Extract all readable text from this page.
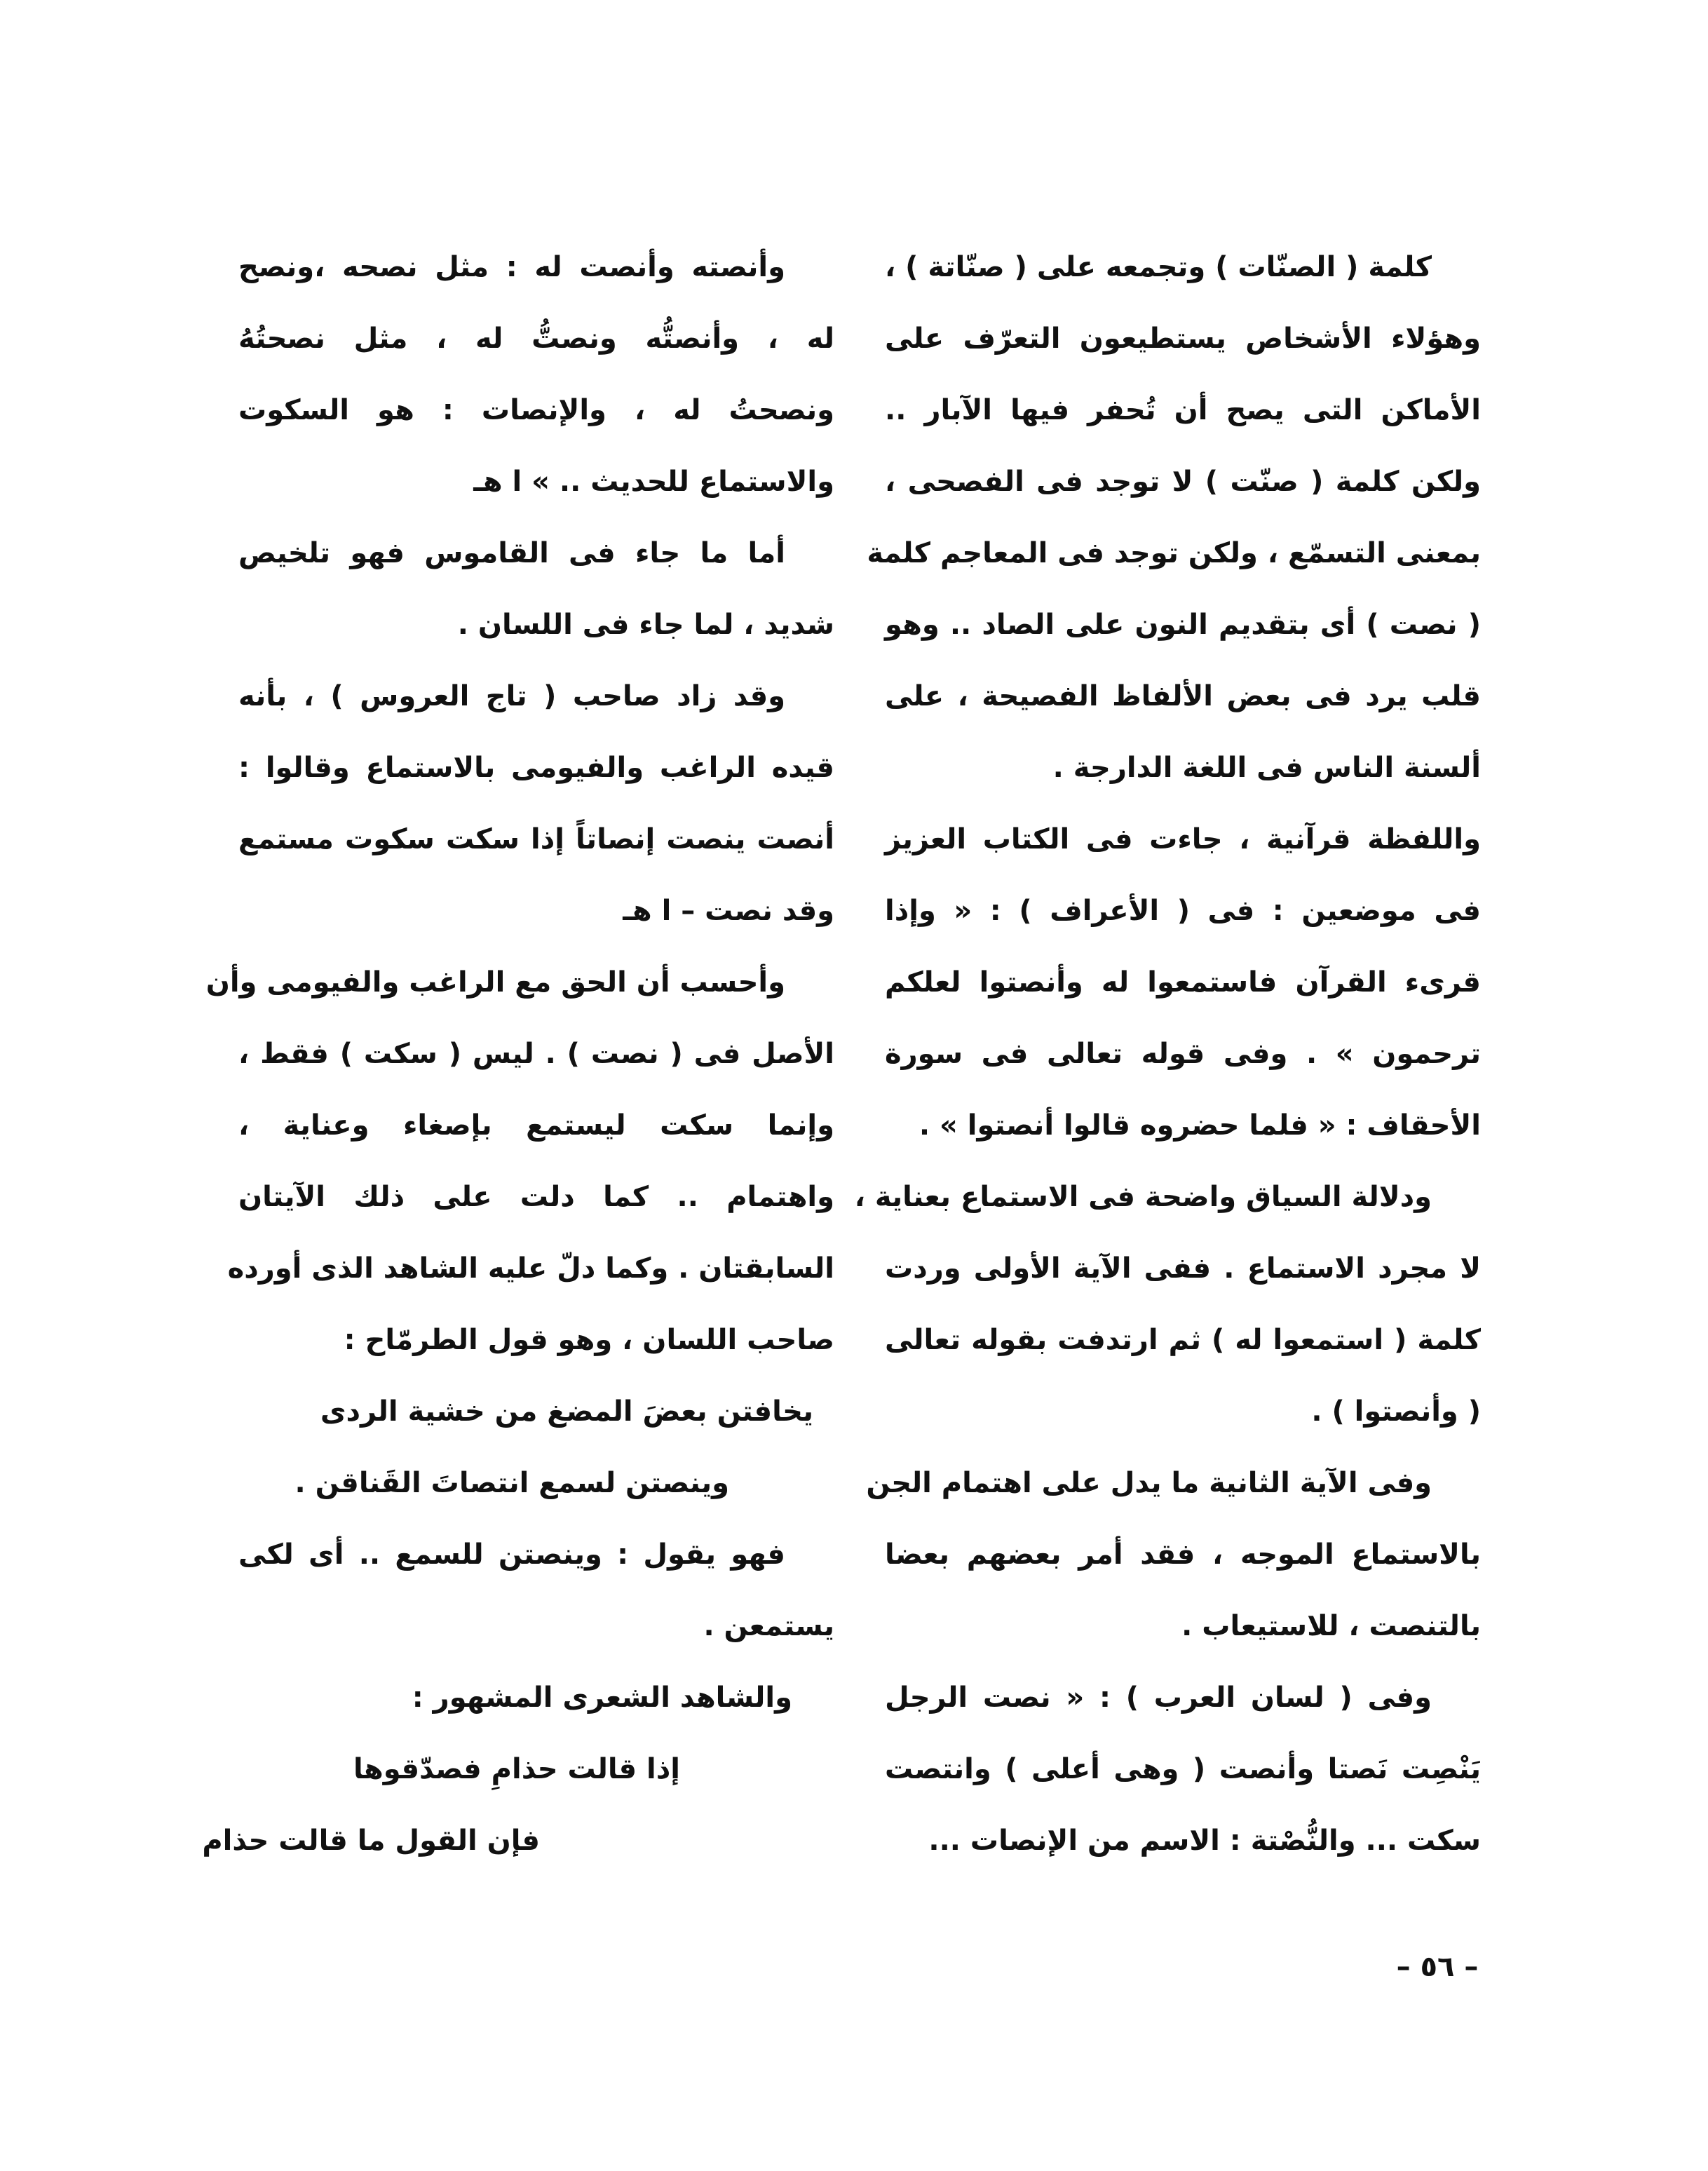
كلمة ( الصنّات ) وتجمعه على ( صنّاتة ) ،
وهؤلاء الأشخاص يستطيعون التعرّف على
الأماكن التى يصح أن تُحفر فيها الآبار ..
ولكن كلمة ( صنّت ) لا توجد فى الفصحى ،
بمعنى التسمّع ، ولكن توجد فى المعاجم كلمة
( نصت ) أى بتقديم النون على الصاد .. وهو
قلب يرد فى بعض الألفاظ الفصيحة ، على
ألسنة الناس فى اللغة الدارجة .
واللفظة قرآنية ، جاءت فى الكتاب العزيز
فى موضعين : فى ( الأعراف ) : « وإذا
قرىء القرآن فاستمعوا له وأنصتوا لعلكم
ترحمون » . وفى قوله تعالى فى سورة
الأحقاف : « فلما حضروه قالوا أنصتوا » .
ودلالة السياق واضحة فى الاستماع بعناية ،
لا مجرد الاستماع . ففى الآية الأولى وردت
كلمة ( استمعوا له ) ثم ارتدفت بقوله تعالى
( وأنصتوا ) .
وفى الآية الثانية ما يدل على اهتمام الجن
بالاستماع الموجه ، فقد أمر بعضهم بعضا
بالتنصت ، للاستيعاب .
وفى ( لسان العرب ) : « نصت الرجل
يَنْصِت نَصتا وأنصت ( وهى أعلى ) وانتصت
سكت ... والنُّصْتة : الاسم من الإنصات ...
وأنصته وأنصت له : مثل نصحه ،ونصح
له ، وأنصتُّه ونصتُّ له ، مثل نصحتُهُ
ونصحتُ له ، والإنصات : هو السكوت
والاستماع للحديث .. » ا هـ
أما ما جاء فى القاموس فهو تلخيص
شديد ، لما جاء فى اللسان .
وقد زاد صاحب ( تاج العروس ) ، بأنه
قيده الراغب والفيومى بالاستماع وقالوا :
أنصت ينصت إنصاتاً إذا سكت سكوت مستمع
وقد نصت – ا هـ
وأحسب أن الحق مع الراغب والفيومى وأن
الأصل فى ( نصت ) . ليس ( سكت ) فقط ،
وإنما سكت ليستمع بإصغاء وعناية ،
واهتمام .. كما دلت على ذلك الآيتان
السابقتان . وكما دلّ عليه الشاهد الذى أورده
صاحب اللسان ، وهو قول الطرمّاح :
يخافتن بعضَ المضغ من خشية الردى
وينصتن لسمع انتصاتَ القَناقن .
فهو يقول : وينصتن للسمع .. أى لكى
يستمعن .
والشاهد الشعرى المشهور :
إذا قالت حذامِ فصدّقوها
فإن القول ما قالت حذام
– ٥٦ –
